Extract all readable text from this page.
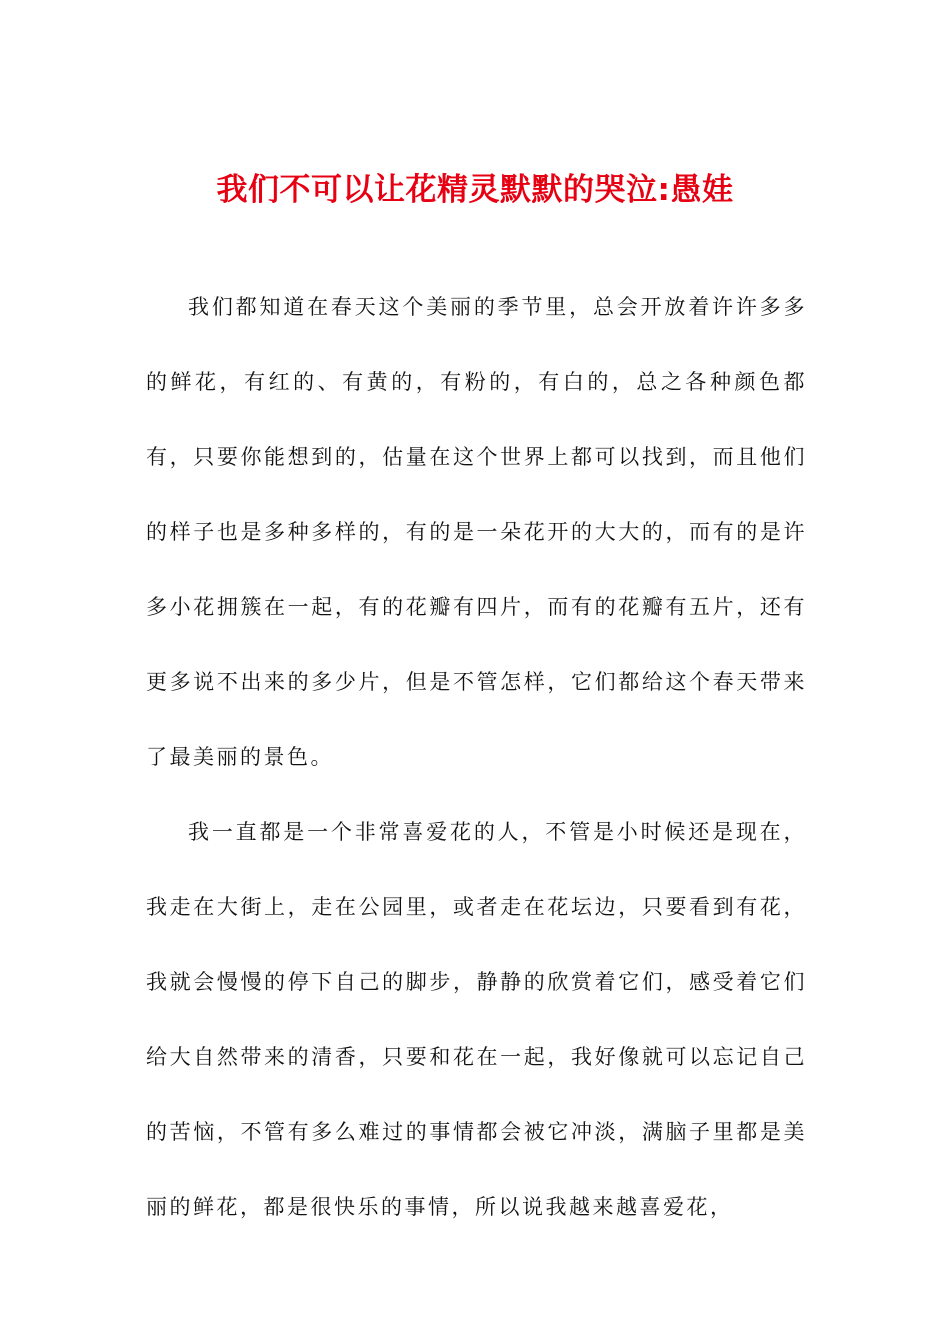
我们不可以让花精灵默默的哭泣:愚娃

我们都知道在春天这个美丽的季节里，总会开放着许许多多的鲜花，有红的、有黄的，有粉的，有白的，总之各种颜色都有，只要你能想到的，估量在这个世界上都可以找到，而且他们的样子也是多种多样的，有的是一朵花开的大大的，而有的是许多小花拥簇在一起，有的花瓣有四片，而有的花瓣有五片，还有更多说不出来的多少片，但是不管怎样，它们都给这个春天带来了最美丽的景色。

我一直都是一个非常喜爱花的人，不管是小时候还是现在，我走在大街上，走在公园里，或者走在花坛边，只要看到有花，我就会慢慢的停下自己的脚步，静静的欣赏着它们，感受着它们给大自然带来的清香，只要和花在一起，我好像就可以忘记自己的苦恼，不管有多么难过的事情都会被它冲淡，满脑子里都是美丽的鲜花，都是很快乐的事情，所以说我越来越喜爱花，
